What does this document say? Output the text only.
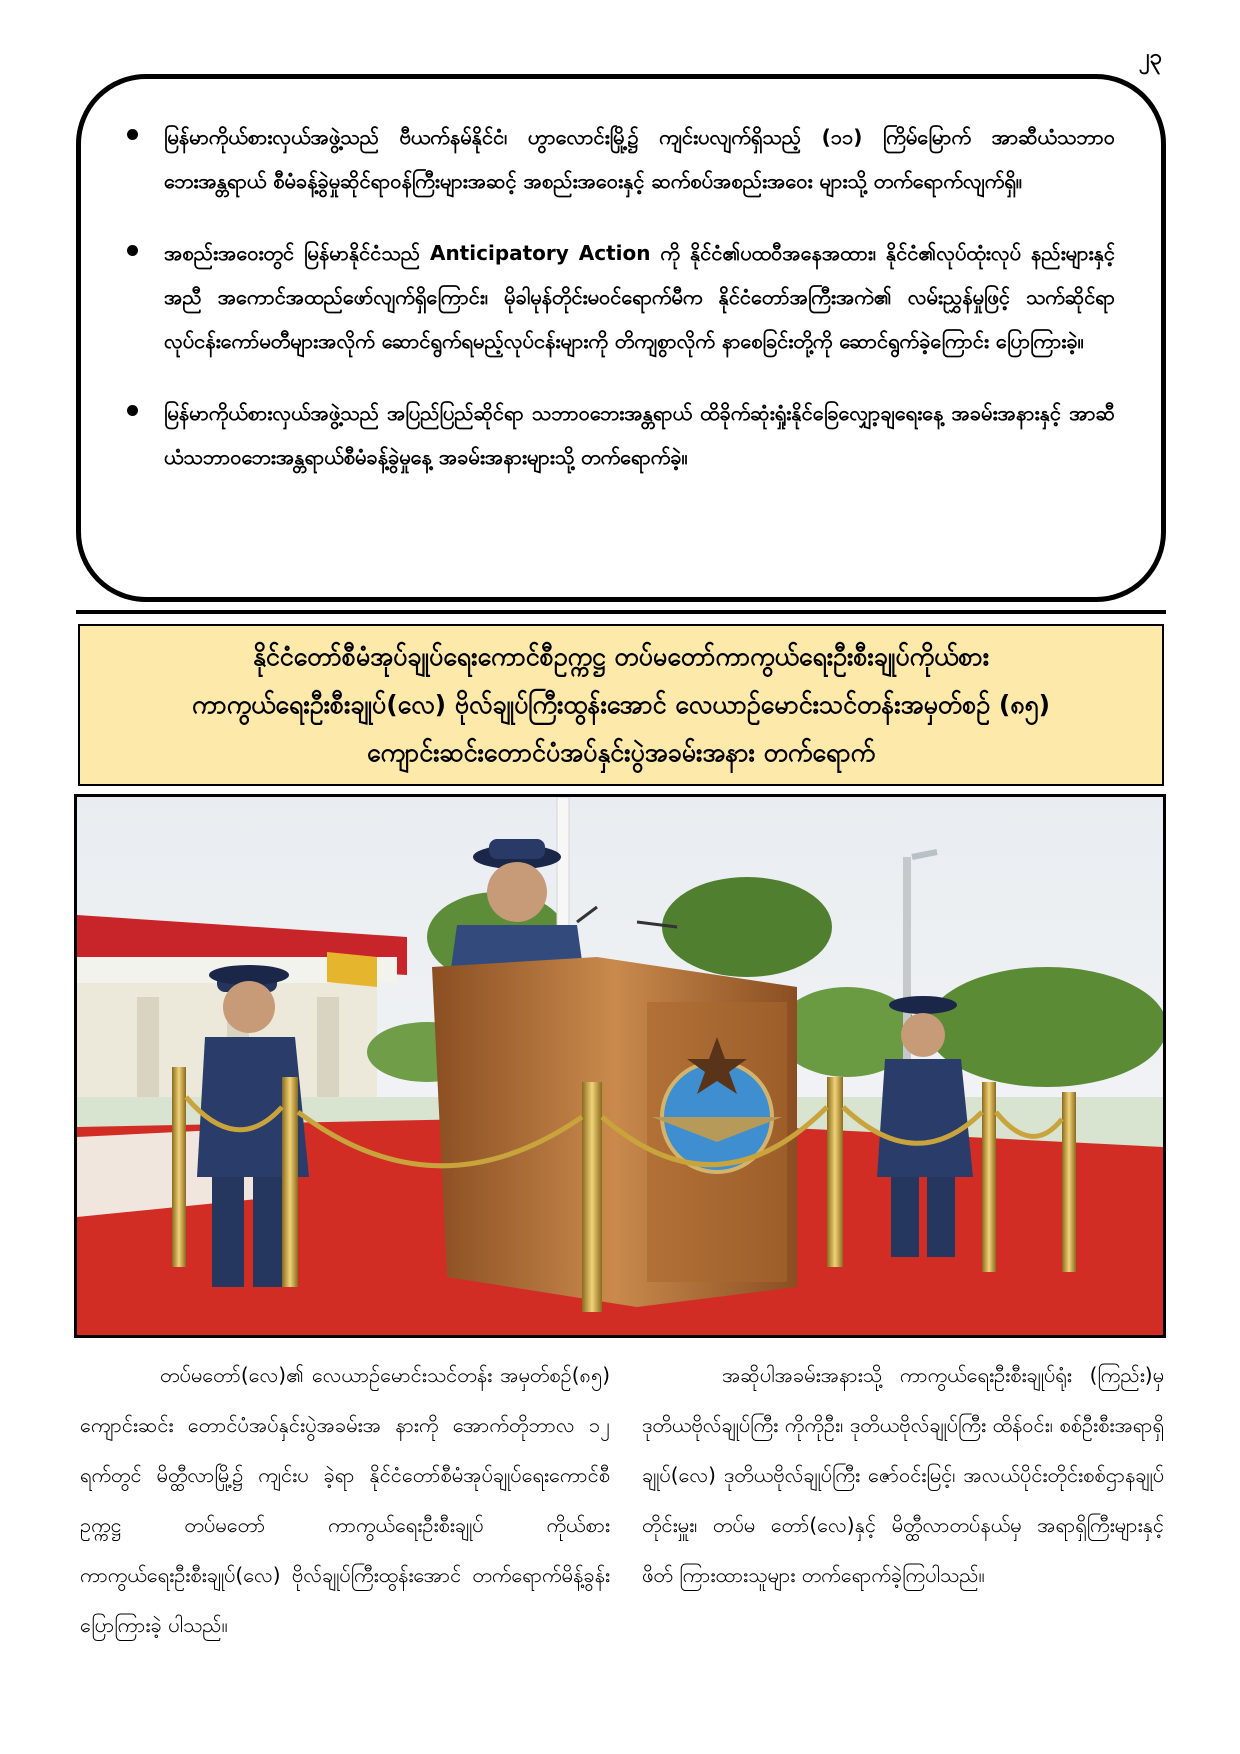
၂၃
မြန်မာကိုယ်စားလှယ်အဖွဲ့သည် ဗီယက်နမ်နိုင်ငံ၊ ဟွာလောင်းမြို့၌ ကျင်းပလျက်ရှိသည့် (၁၁) ကြိမ်မြောက် အာဆီယံသဘာဝဘေးအန္တရာယ် စီမံခန့်ခွဲမှုဆိုင်ရာဝန်ကြီးများအဆင့် အစည်းအဝေးနှင့် ဆက်စပ်အစည်းအဝေး များသို့ တက်ရောက်လျက်ရှိ။
အစည်းအဝေးတွင် မြန်မာနိုင်ငံသည် Anticipatory Action ကို နိုင်ငံ၏ပထဝီအနေအထား၊ နိုင်ငံ၏လုပ်ထုံးလုပ် နည်းများနှင့်အညီ အကောင်အထည်ဖော်လျက်ရှိကြောင်း၊ မိုခါမုန်တိုင်းမဝင်ရောက်မီက နိုင်ငံတော်အကြီးအကဲ၏ လမ်းညွှန်မှုဖြင့် သက်ဆိုင်ရာလုပ်ငန်းကော်မတီများအလိုက် ဆောင်ရွက်ရမည့်လုပ်ငန်းများကို တိကျစွာလိုက် နာစေခြင်းတို့ကို ဆောင်ရွက်ခဲ့ကြောင်း ပြောကြားခဲ့။
မြန်မာကိုယ်စားလှယ်အဖွဲ့သည် အပြည်ပြည်ဆိုင်ရာ သဘာဝဘေးအန္တရာယ် ထိခိုက်ဆုံးရှုံးနိုင်ခြေလျှော့ချရေးနေ့ အခမ်းအနားနှင့် အာဆီယံသဘာဝဘေးအန္တရာယ်စီမံခန့်ခွဲမှုနေ့ အခမ်းအနားများသို့ တက်ရောက်ခဲ့။
နိုင်ငံတော်စီမံအုပ်ချုပ်ရေးကောင်စီဥက္ကဋ္ဌ တပ်မတော်ကာကွယ်ရေးဦးစီးချုပ်ကိုယ်စား
ကာကွယ်ရေးဦးစီးချုပ်(လေ) ဗိုလ်ချုပ်ကြီးထွန်းအောင် လေယာဉ်မောင်းသင်တန်းအမှတ်စဉ် (၈၅)
ကျောင်းဆင်းတောင်ပံအပ်နှင်းပွဲအခမ်းအနား တက်ရောက်

တပ်မတော်(လေ)၏ လေယာဉ်မောင်းသင်တန်း အမှတ်စဉ်(၈၅) ကျောင်းဆင်း တောင်ပံအပ်နှင်းပွဲအခမ်းအ နားကို အောက်တိုဘာလ ၁၂ ရက်တွင် မိတ္ထီလာမြို့၌ ကျင်းပ ခဲ့ရာ နိုင်ငံတော်စီမံအုပ်ချုပ်ရေးကောင်စီဥက္ကဋ္ဌ တပ်မတော် ကာကွယ်ရေးဦးစီးချုပ် ကိုယ်စား ကာကွယ်ရေးဦးစီးချုပ်(လေ) ဗိုလ်ချုပ်ကြီးထွန်းအောင် တက်ရောက်မိန့်ခွန်း ပြောကြားခဲ့ ပါသည်။

အဆိုပါအခမ်းအနားသို့ ကာကွယ်ရေးဦးစီးချုပ်ရုံး (ကြည်း)မှ ဒုတိယဗိုလ်ချုပ်ကြီး ကိုကိုဦး၊ ဒုတိယဗိုလ်ချုပ်ကြီး ထိန်ဝင်း၊ စစ်ဦးစီးအရာရှိချုပ်(လေ) ဒုတိယဗိုလ်ချုပ်ကြီး ဇော်ဝင်းမြင့်၊ အလယ်ပိုင်းတိုင်းစစ်ဌာနချုပ်တိုင်းမှူး၊ တပ်မ တော်(လေ)နှင့် မိတ္ထီလာတပ်နယ်မှ အရာရှိကြီးများနှင့် ဖိတ် ကြားထားသူများ တက်ရောက်ခဲ့ကြပါသည်။
